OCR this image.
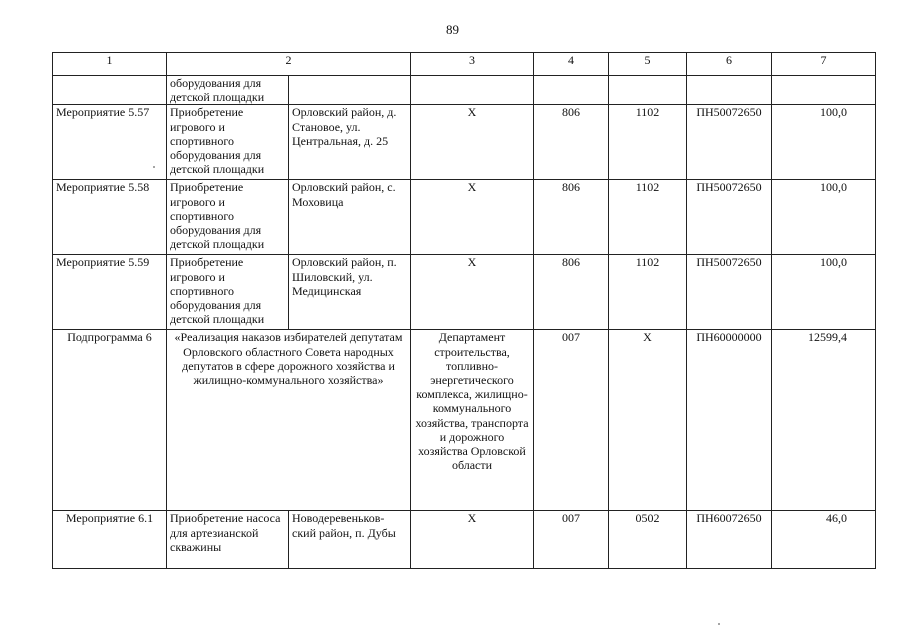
89
1	2		3	4	5	6	7
	оборудования для детской площадки						
Мероприятие 5.57	Приобретение игрового и спортивного оборудования для детской площадки	Орловский район, д. Становое, ул. Центральная, д. 25	Х	806	1102	ПН50072650	100,0
Мероприятие 5.58	Приобретение игрового и спортивного оборудования для детской площадки	Орловский район, с. Моховица	Х	806	1102	ПН50072650	100,0
Мероприятие 5.59	Приобретение игрового и спортивного оборудования для детской площадки	Орловский район, п. Шиловский, ул. Медицинская	Х	806	1102	ПН50072650	100,0
Подпрограмма 6	«Реализация наказов избирателей депутатам Орловского областного Совета народных депутатов в сфере дорожного хозяйства и жилищно-коммунального хозяйства»		Департамент строительства, топливно-энергетического комплекса, жилищно-коммунального хозяйства, транспорта и дорожного хозяйства Орловской области	007	Х	ПН60000000	12599,4
Мероприятие 6.1	Приобретение насоса для артезианской скважины	Новодеревеньков-ский район, п. Дубы	Х	007	0502	ПН60072650	46,0
